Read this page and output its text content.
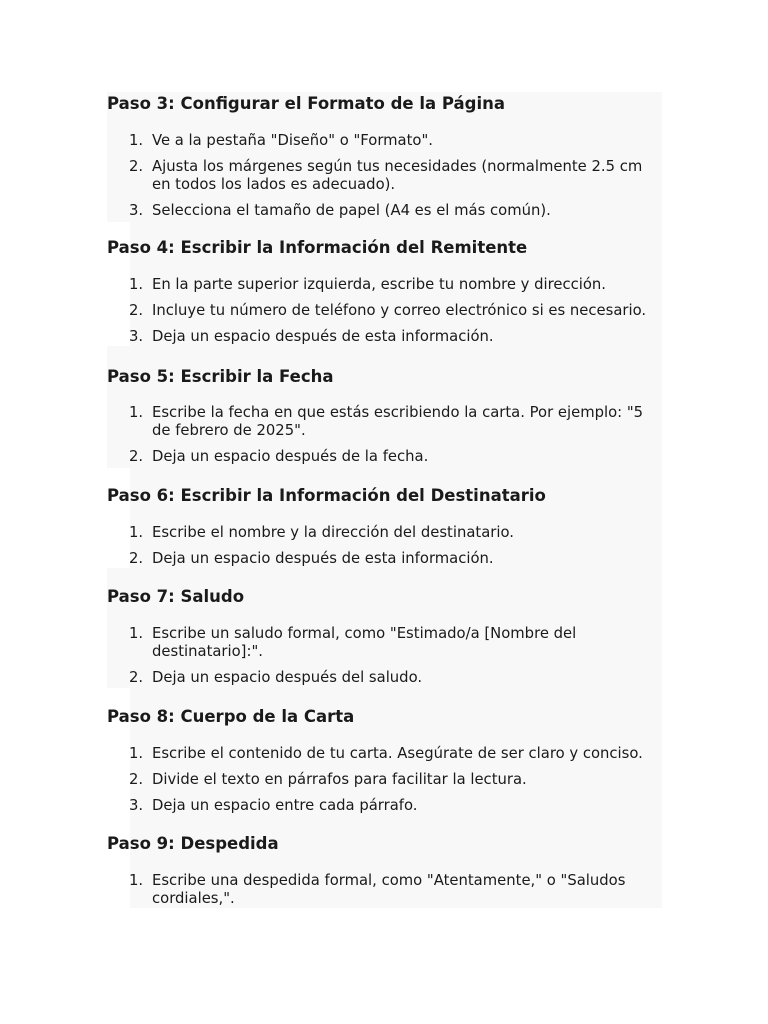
Paso 3: Configurar el Formato de la Página
1. Ve a la pestaña "Diseño" o "Formato".
2. Ajusta los márgenes según tus necesidades (normalmente 2.5 cm en todos los lados es adecuado).
3. Selecciona el tamaño de papel (A4 es el más común).
Paso 4: Escribir la Información del Remitente
1. En la parte superior izquierda, escribe tu nombre y dirección.
2. Incluye tu número de teléfono y correo electrónico si es necesario.
3. Deja un espacio después de esta información.
Paso 5: Escribir la Fecha
1. Escribe la fecha en que estás escribiendo la carta. Por ejemplo: "5 de febrero de 2025".
2. Deja un espacio después de la fecha.
Paso 6: Escribir la Información del Destinatario
1. Escribe el nombre y la dirección del destinatario.
2. Deja un espacio después de esta información.
Paso 7: Saludo
1. Escribe un saludo formal, como "Estimado/a [Nombre del destinatario]:".
2. Deja un espacio después del saludo.
Paso 8: Cuerpo de la Carta
1. Escribe el contenido de tu carta. Asegúrate de ser claro y conciso.
2. Divide el texto en párrafos para facilitar la lectura.
3. Deja un espacio entre cada párrafo.
Paso 9: Despedida
1. Escribe una despedida formal, como "Atentamente," o "Saludos cordiales,".
